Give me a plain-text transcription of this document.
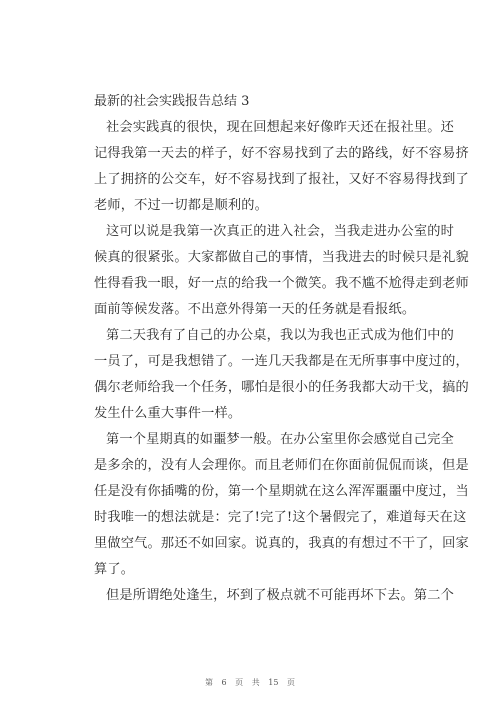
最新的社会实践报告总结 3
社会实践真的很快，现在回想起来好像昨天还在报社里。还
记得我第一天去的样子，好不容易找到了去的路线，好不容易挤
上了拥挤的公交车，好不容易找到了报社，又好不容易得找到了
老师，不过一切都是顺利的。
这可以说是我第一次真正的进入社会，当我走进办公室的时
候真的很紧张。大家都做自己的事情，当我进去的时候只是礼貌
性得看我一眼，好一点的给我一个微笑。我不尴不尬得走到老师
面前等候发落。不出意外得第一天的任务就是看报纸。
第二天我有了自己的办公桌，我以为我也正式成为他们中的
一员了，可是我想错了。一连几天我都是在无所事事中度过的，
偶尔老师给我一个任务，哪怕是很小的任务我都大动干戈，搞的
发生什么重大事件一样。
第一个星期真的如噩梦一般。在办公室里你会感觉自己完全
是多余的，没有人会理你。而且老师们在你面前侃侃而谈，但是
任是没有你插嘴的份，第一个星期就在这么浑浑噩噩中度过，当
时我唯一的想法就是：完了!完了!这个暑假完了，难道每天在这
里做空气。那还不如回家。说真的，我真的有想过不干了，回家
算了。
但是所谓绝处逢生，坏到了极点就不可能再坏下去。第二个
第 6 页 共 15 页
